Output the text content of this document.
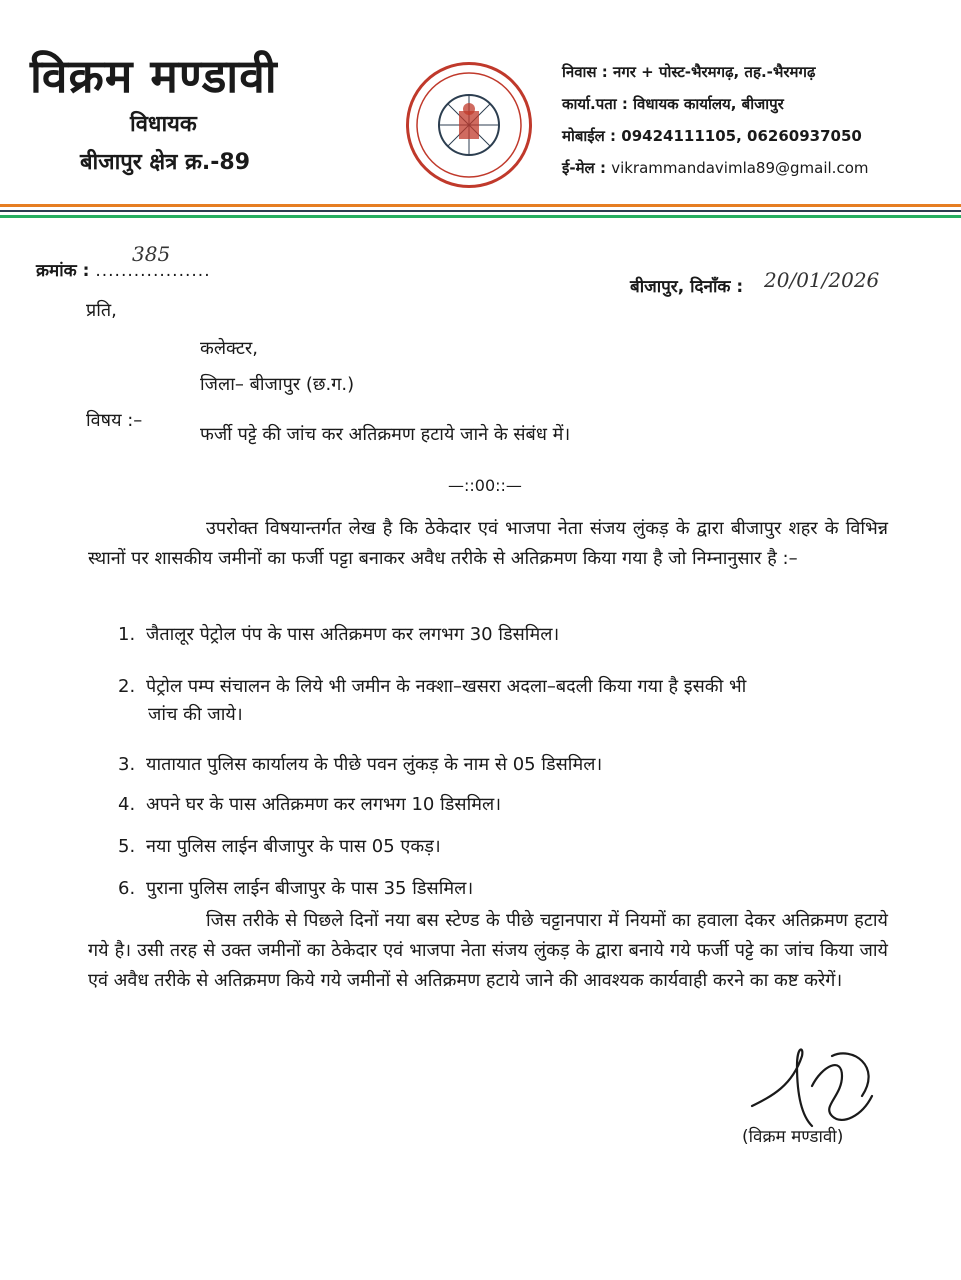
विक्रम मण्डावी
विधायक
बीजापुर क्षेत्र क्र.-89
निवास : नगर + पोस्ट-भैरमगढ़, तह.-भैरमगढ़
कार्या.पता : विधायक कार्यालय, बीजापुर
मोबाईल : 09424111105, 06260937050
ई-मेल : vikrammandavimla89@gmail.com
क्रमांक : ..................
385
बीजापुर, दिनाँक : 20/01/2026
प्रति,
कलेक्टर,
जिला– बीजापुर (छ.ग.)
विषय :–
फर्जी पट्टे की जांच कर अतिक्रमण हटाये जाने के संबंध में।
—::00::—
उपरोक्त विषयान्तर्गत लेख है कि ठेकेदार एवं भाजपा नेता संजय लुंकड़ के द्वारा बीजापुर शहर के विभिन्न स्थानों पर शासकीय जमीनों का फर्जी पट्टा बनाकर अवैध तरीके से अतिक्रमण किया गया है जो निम्नानुसार है :–
1. जैतालूर पेट्रोल पंप के पास अतिक्रमण कर लगभग 30 डिसमिल।
2. पेट्रोल पम्प संचालन के लिये भी जमीन के नक्शा–खसरा अदला–बदली किया गया है इसकी भी
जांच की जाये।
3. यातायात पुलिस कार्यालय के पीछे पवन लुंकड़ के नाम से 05 डिसमिल।
4. अपने घर के पास अतिक्रमण कर लगभग 10 डिसमिल।
5. नया पुलिस लाईन बीजापुर के पास 05 एकड़।
6. पुराना पुलिस लाईन बीजापुर के पास 35 डिसमिल।
जिस तरीके से पिछले दिनों नया बस स्टेण्ड के पीछे चट्टानपारा में नियमों का हवाला देकर अतिक्रमण हटाये गये है। उसी तरह से उक्त जमीनों का ठेकेदार एवं भाजपा नेता संजय लुंकड़ के द्वारा बनाये गये फर्जी पट्टे का जांच किया जाये एवं अवैध तरीके से अतिक्रमण किये गये जमीनों से अतिक्रमण हटाये जाने की आवश्यक कार्यवाही करने का कष्ट करेगें।
(विक्रम मण्डावी)
